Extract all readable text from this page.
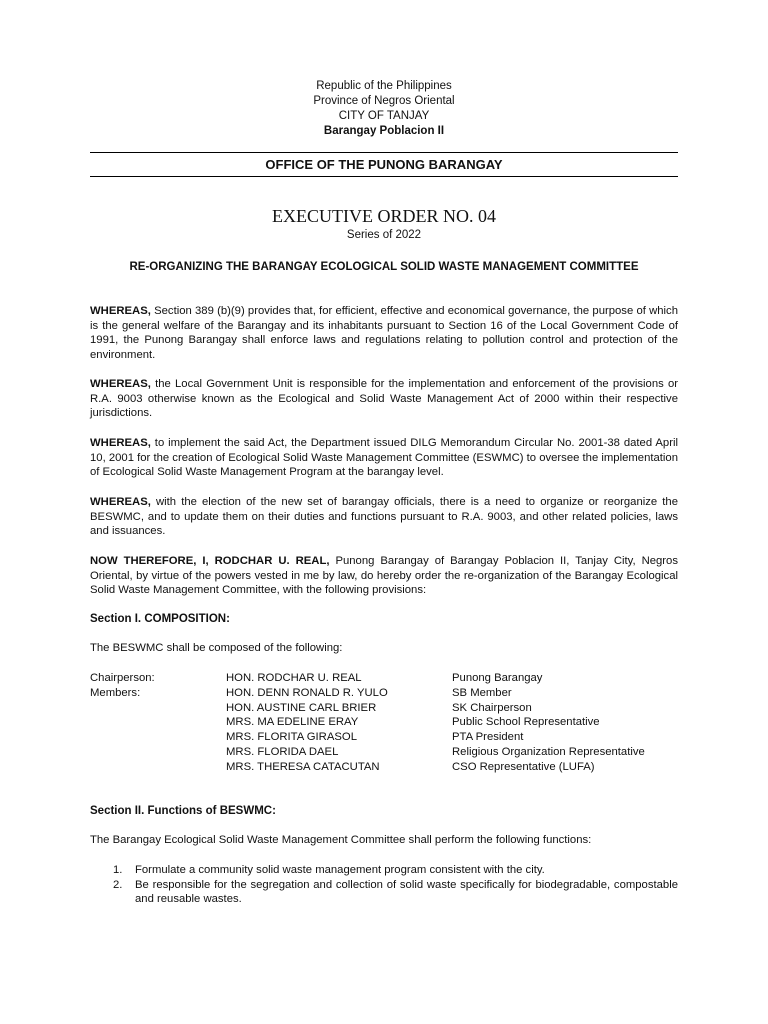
Republic of the Philippines
Province of Negros Oriental
CITY OF TANJAY
Barangay Poblacion II
OFFICE OF THE PUNONG BARANGAY
EXECUTIVE ORDER NO. 04
Series of 2022
RE-ORGANIZING THE BARANGAY ECOLOGICAL SOLID WASTE MANAGEMENT COMMITTEE
WHEREAS, Section 389 (b)(9) provides that, for efficient, effective and economical governance, the purpose of which is the general welfare of the Barangay and its inhabitants pursuant to Section 16 of the Local Government Code of 1991, the Punong Barangay shall enforce laws and regulations relating to pollution control and protection of the environment.
WHEREAS, the Local Government Unit is responsible for the implementation and enforcement of the provisions or R.A. 9003 otherwise known as the Ecological and Solid Waste Management Act of 2000 within their respective jurisdictions.
WHEREAS, to implement the said Act, the Department issued DILG Memorandum Circular No. 2001-38 dated April 10, 2001 for the creation of Ecological Solid Waste Management Committee (ESWMC) to oversee the implementation of Ecological Solid Waste Management Program at the barangay level.
WHEREAS, with the election of the new set of barangay officials, there is a need to organize or reorganize the BESWMC, and to update them on their duties and functions pursuant to R.A. 9003, and other related policies, laws and issuances.
NOW THEREFORE, I, RODCHAR U. REAL, Punong Barangay of Barangay Poblacion II, Tanjay City, Negros Oriental, by virtue of the powers vested in me by law, do hereby order the re-organization of the Barangay Ecological Solid Waste Management Committee, with the following provisions:
Section I. COMPOSITION:
The BESWMC shall be composed of the following:
Chairperson:	HON. RODCHAR U. REAL	Punong Barangay
Members:	HON. DENN RONALD R. YULO	SB Member
HON. AUSTINE CARL BRIER	SK Chairperson
MRS. MA EDELINE ERAY	Public School Representative
MRS. FLORITA GIRASOL	PTA President
MRS. FLORIDA DAEL	Religious Organization Representative
MRS. THERESA CATACUTAN	CSO Representative (LUFA)
Section II. Functions of BESWMC:
The Barangay Ecological Solid Waste Management Committee shall perform the following functions:
1.	Formulate a community solid waste management program consistent with the city.
2.	Be responsible for the segregation and collection of solid waste specifically for biodegradable, compostable and reusable wastes.
